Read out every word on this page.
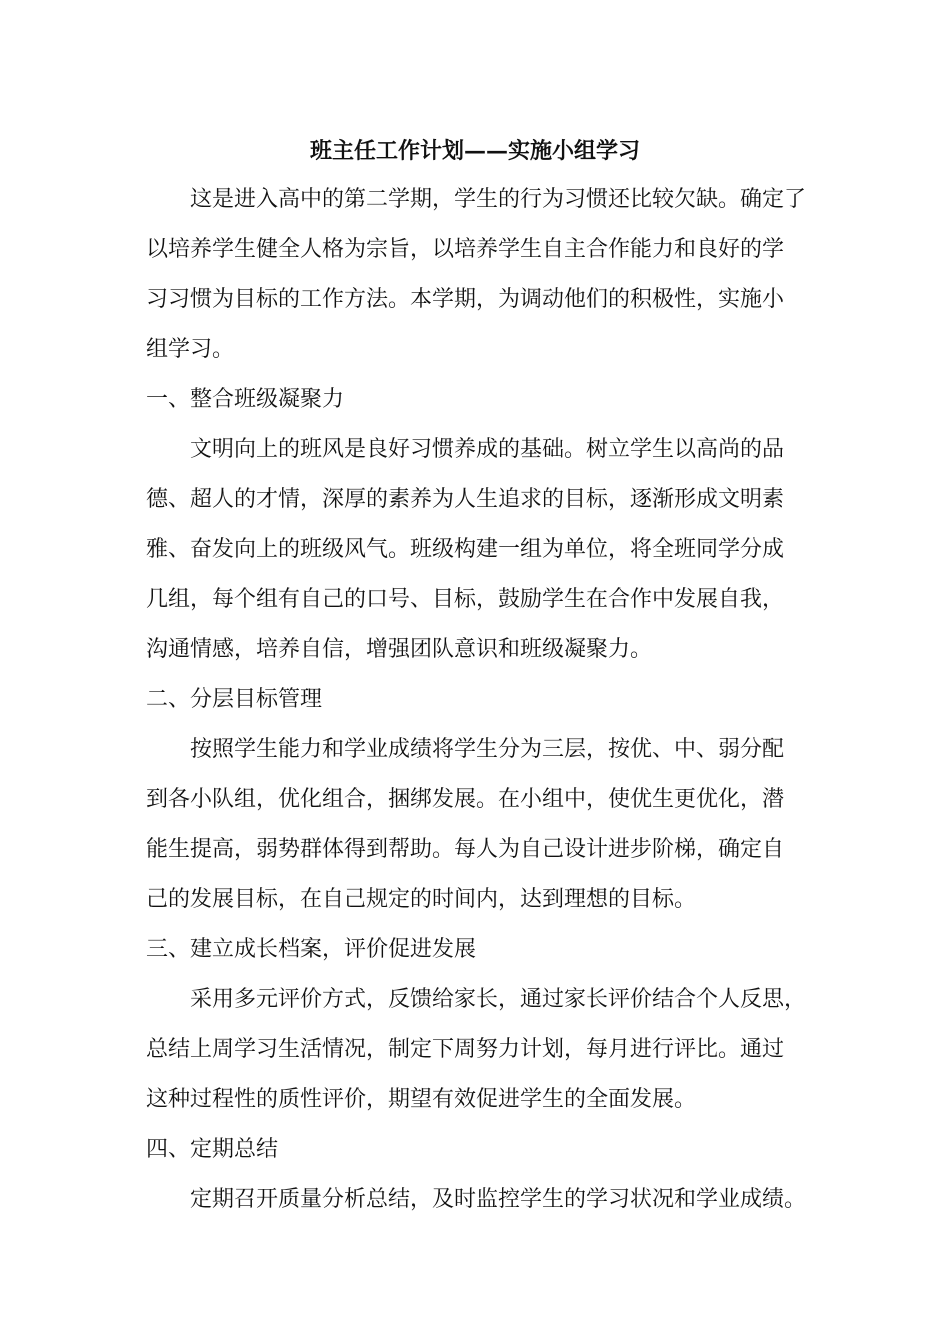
班主任工作计划——实施小组学习
这是进入高中的第二学期，学生的行为习惯还比较欠缺。确定了
以培养学生健全人格为宗旨，以培养学生自主合作能力和良好的学
习习惯为目标的工作方法。本学期，为调动他们的积极性，实施小
组学习。
一、整合班级凝聚力
文明向上的班风是良好习惯养成的基础。树立学生以高尚的品
德、超人的才情，深厚的素养为人生追求的目标，逐渐形成文明素
雅、奋发向上的班级风气。班级构建一组为单位，将全班同学分成
几组，每个组有自己的口号、目标，鼓励学生在合作中发展自我，
沟通情感，培养自信，增强团队意识和班级凝聚力。
二、分层目标管理
按照学生能力和学业成绩将学生分为三层，按优、中、弱分配
到各小队组，优化组合，捆绑发展。在小组中，使优生更优化，潜
能生提高，弱势群体得到帮助。每人为自己设计进步阶梯，确定自
己的发展目标，在自己规定的时间内，达到理想的目标。
三、建立成长档案，评价促进发展
采用多元评价方式，反馈给家长，通过家长评价结合个人反思，
总结上周学习生活情况，制定下周努力计划，每月进行评比。通过
这种过程性的质性评价，期望有效促进学生的全面发展。
四、定期总结
定期召开质量分析总结，及时监控学生的学习状况和学业成绩。
